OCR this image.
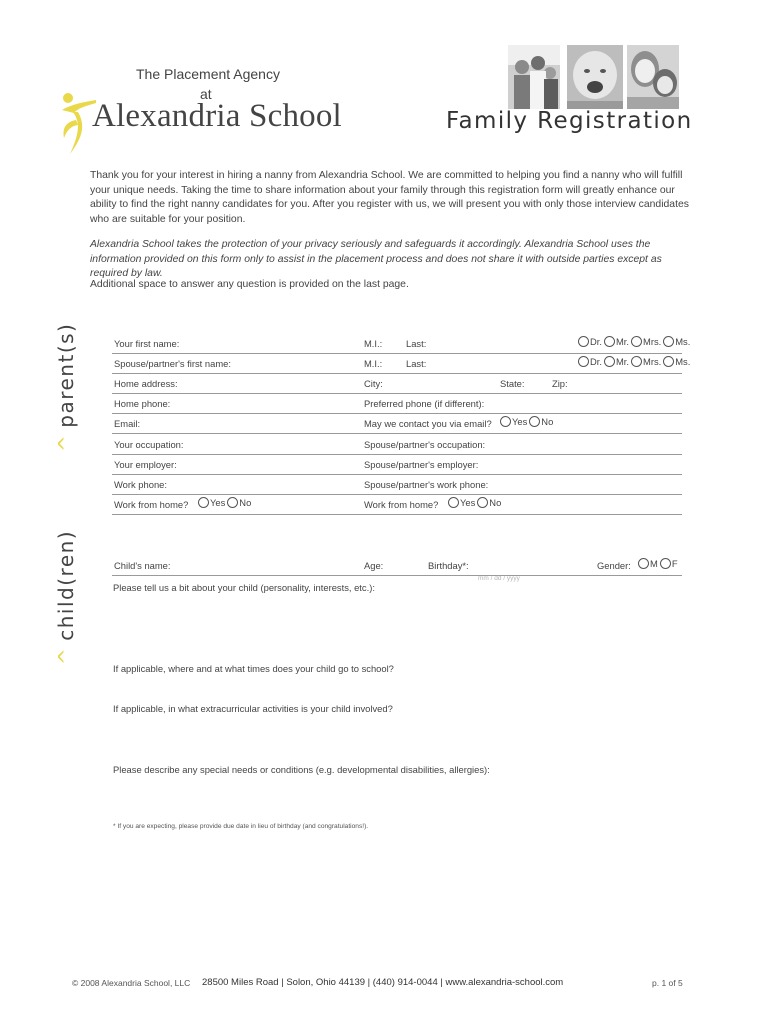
The Placement Agency
at
Alexandria School	Family Registration
Thank you for your interest in hiring a nanny from Alexandria School. We are committed to helping you find a nanny who will fulfill your unique needs. Taking the time to share information about your family through this registration form will greatly enhance our ability to find the right nanny candidates for you. After you register with us, we will present you with only those interview candidates who are suitable for your position.
Alexandria School takes the protection of your privacy seriously and safeguards it accordingly. Alexandria School uses the information provided on this form only to assist in the placement process and does not share it with outside parties except as required by law.
Additional space to answer any question is provided on the last page.
^parent(s)
^child(ren)
Your first name:	M.I.:	Last:	Dr. Mr. Mrs. Ms.
Spouse/partner's first name:	M.I.:	Last:	Dr. Mr. Mrs. Ms.
Home address:	City:	State:	Zip:
Home phone:	Preferred phone (if different):
Email:	May we contact you via email? Yes No
Your occupation:	Spouse/partner's occupation:
Your employer:	Spouse/partner's employer:
Work phone:	Spouse/partner's work phone:
Work from home? Yes No	Work from home? Yes No
Child's name:	Age:	Birthday*:	Gender: M F
mm / dd / yyyy
Please tell us a bit about your child (personality, interests, etc.):
If applicable, where and at what times does your child go to school?
If applicable, in what extracurricular activities is your child involved?
Please describe any special needs or conditions (e.g. developmental disabilities, allergies):
* If you are expecting, please provide due date in lieu of birthday (and congratulations!).
© 2008 Alexandria School, LLC 28500 Miles Road | Solon, Ohio 44139 | (440) 914-0044 | www.alexandria-school.com	p. 1 of 5
